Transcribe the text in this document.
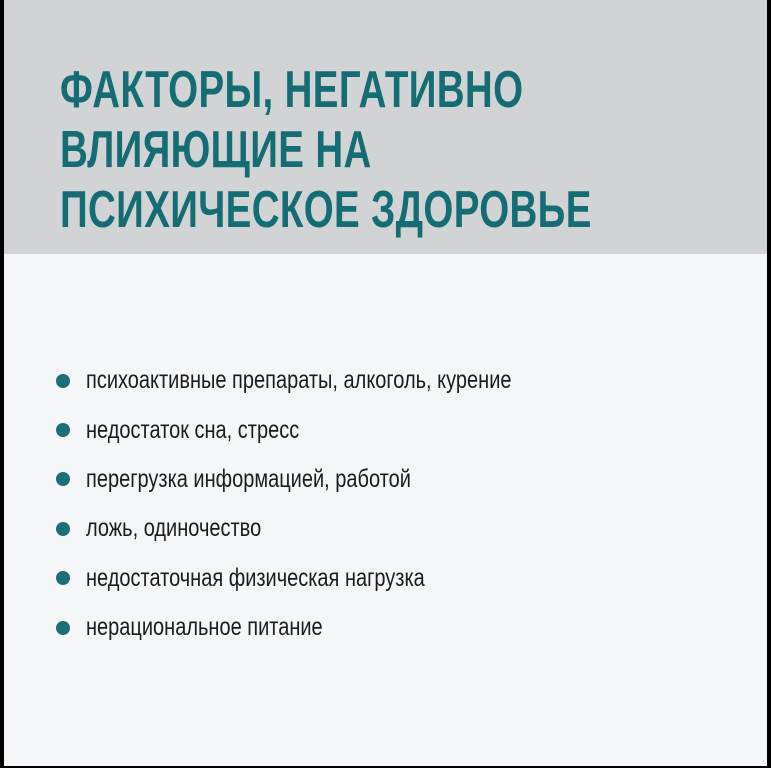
ФАКТОРЫ, НЕГАТИВНО
ВЛИЯЮЩИЕ НА
ПСИХИЧЕСКОЕ ЗДОРОВЬЕ
психоактивные препараты, алкоголь, курение
недостаток сна, стресс
перегрузка информацией, работой
ложь, одиночество
недостаточная физическая нагрузка
нерациональное питание
